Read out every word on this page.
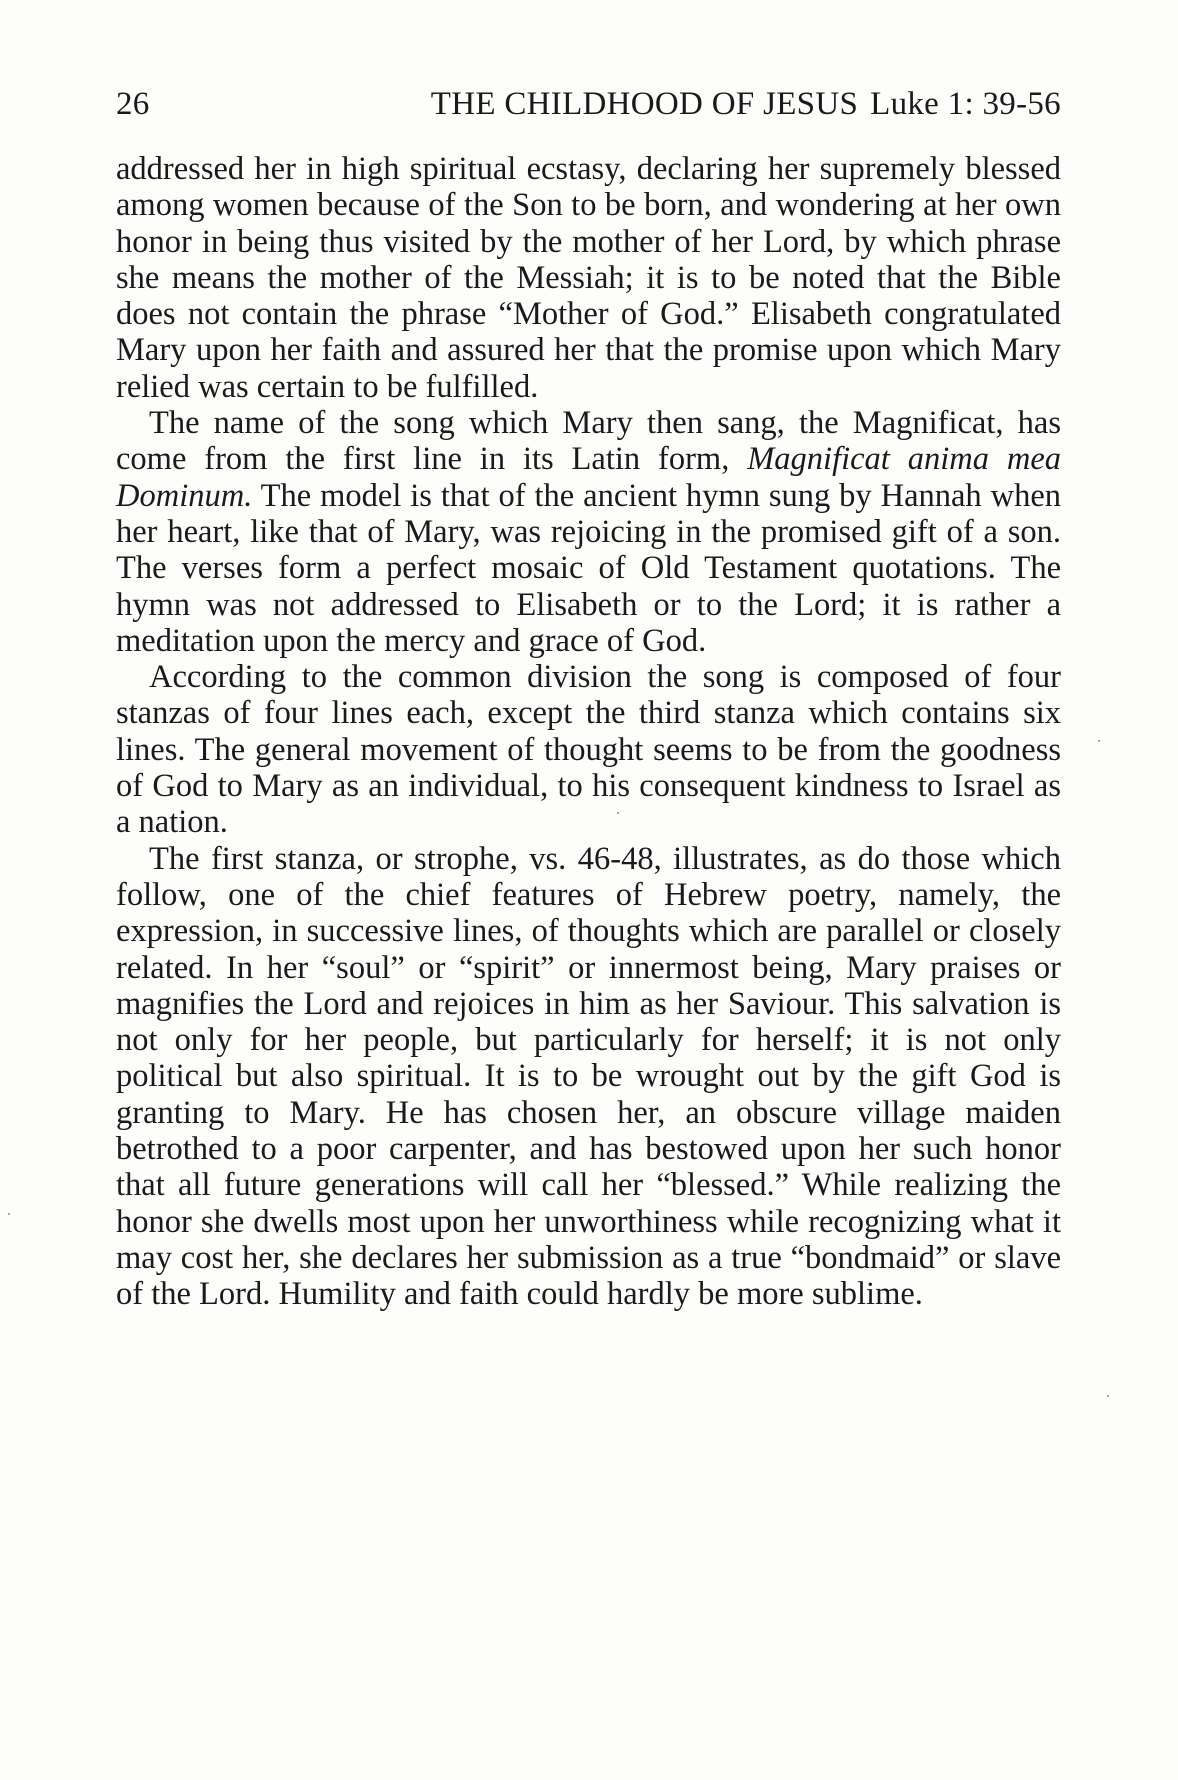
26	THE CHILDHOOD OF JESUS Luke 1: 39-56

addressed her in high spiritual ecstasy, declaring her supremely blessed among women because of the Son to be born, and wondering at her own honor in being thus visited by the mother of her Lord, by which phrase she means the mother of the Messiah; it is to be noted that the Bible does not contain the phrase “Mother of God.” Elisabeth congratulated Mary upon her faith and assured her that the promise upon which Mary relied was certain to be fulfilled.

The name of the song which Mary then sang, the Magnificat, has come from the first line in its Latin form, Magnificat anima mea Dominum. The model is that of the ancient hymn sung by Hannah when her heart, like that of Mary, was rejoicing in the promised gift of a son. The verses form a perfect mosaic of Old Testament quotations. The hymn was not addressed to Elisabeth or to the Lord; it is rather a meditation upon the mercy and grace of God.

According to the common division the song is composed of four stanzas of four lines each, except the third stanza which contains six lines. The general movement of thought seems to be from the goodness of God to Mary as an individual, to his consequent kindness to Israel as a nation.

The first stanza, or strophe, vs. 46-48, illustrates, as do those which follow, one of the chief features of Hebrew poetry, namely, the expression, in successive lines, of thoughts which are parallel or closely related. In her “soul” or “spirit” or innermost being, Mary praises or magnifies the Lord and rejoices in him as her Saviour. This salvation is not only for her people, but particularly for herself; it is not only political but also spiritual. It is to be wrought out by the gift God is granting to Mary. He has chosen her, an obscure village maiden betrothed to a poor carpenter, and has bestowed upon her such honor that all future generations will call her “blessed.” While realizing the honor she dwells most upon her unworthiness while recognizing what it may cost her, she declares her submission as a true “bondmaid” or slave of the Lord. Humility and faith could hardly be more sublime.
